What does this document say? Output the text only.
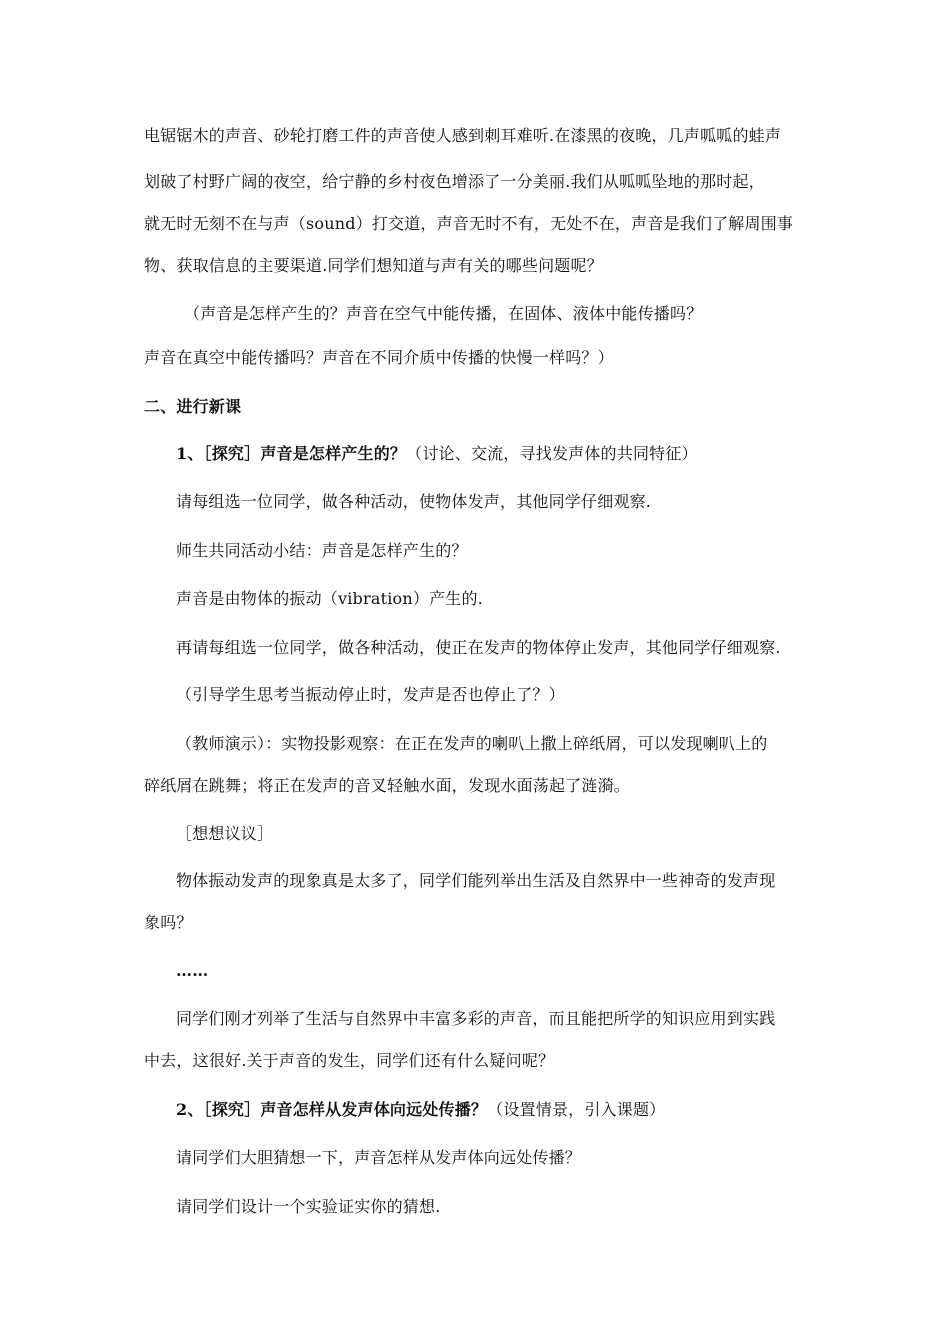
电锯锯木的声音、砂轮打磨工件的声音使人感到刺耳难听.在漆黑的夜晚，几声呱呱的蛙声
划破了村野广阔的夜空，给宁静的乡村夜色增添了一分美丽.我们从呱呱坠地的那时起，
就无时无刻不在与声（sound）打交道，声音无时不有，无处不在，声音是我们了解周围事
物、获取信息的主要渠道.同学们想知道与声有关的哪些问题呢？
（声音是怎样产生的？声音在空气中能传播，在固体、液体中能传播吗？
声音在真空中能传播吗？声音在不同介质中传播的快慢一样吗？）
二、进行新课
1、［探究］声音是怎样产生的？（讨论、交流，寻找发声体的共同特征）
请每组选一位同学，做各种活动，使物体发声，其他同学仔细观察.
师生共同活动小结：声音是怎样产生的？
声音是由物体的振动（vibration）产生的.
再请每组选一位同学，做各种活动，使正在发声的物体停止发声，其他同学仔细观察.
（引导学生思考当振动停止时，发声是否也停止了？）
（教师演示）：实物投影观察：在正在发声的喇叭上撒上碎纸屑，可以发现喇叭上的
碎纸屑在跳舞；将正在发声的音叉轻触水面，发现水面荡起了涟漪。
［想想议议］
物体振动发声的现象真是太多了，同学们能列举出生活及自然界中一些神奇的发声现
象吗？
……
同学们刚才列举了生活与自然界中丰富多彩的声音，而且能把所学的知识应用到实践
中去，这很好.关于声音的发生，同学们还有什么疑问呢？
2、［探究］声音怎样从发声体向远处传播？（设置情景，引入课题）
请同学们大胆猜想一下，声音怎样从发声体向远处传播？
请同学们设计一个实验证实你的猜想.
